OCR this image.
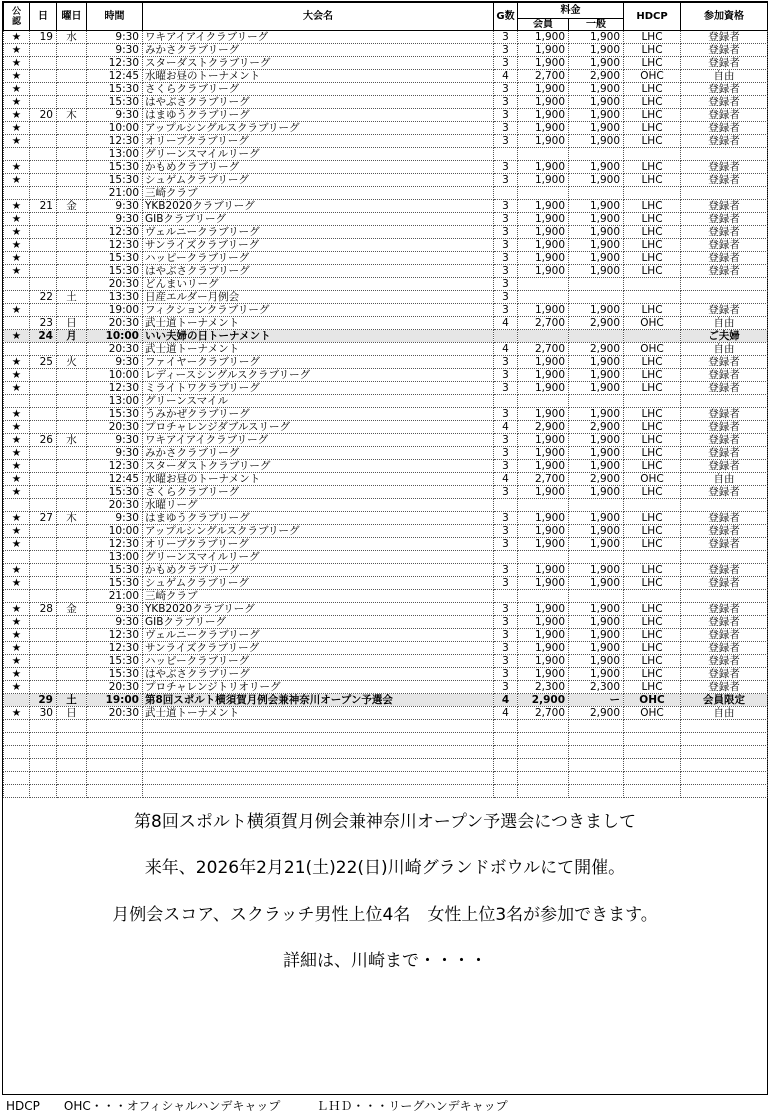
公
認	日	曜日	時間	大会名	G数	料金		HDCP	参加資格
						会員	一般		
★	19	水	9:30	ワキアイアイクラブリーグ	3	1,900	1,900	LHC	登録者
★			9:30	みかさクラブリーグ	3	1,900	1,900	LHC	登録者
★			12:30	スターダストクラブリーグ	3	1,900	1,900	LHC	登録者
★			12:45	水曜お昼のトーナメント	4	2,700	2,900	OHC	自由
★			15:30	さくらクラブリーグ	3	1,900	1,900	LHC	登録者
★			15:30	はやぶさクラブリーグ	3	1,900	1,900	LHC	登録者
★	20	木	9:30	はまゆうクラブリーグ	3	1,900	1,900	LHC	登録者
★			10:00	アップルシングルスクラブリーグ	3	1,900	1,900	LHC	登録者
★			12:30	オリーブクラブリーグ	3	1,900	1,900	LHC	登録者
			13:00	グリーンスマイルリーグ					
★			15:30	かもめクラブリーグ	3	1,900	1,900	LHC	登録者
★			15:30	シュゲムクラブリーグ	3	1,900	1,900	LHC	登録者
			21:00	三崎クラブ					
★	21	金	9:30	YKB2020クラブリーグ	3	1,900	1,900	LHC	登録者
★			9:30	GIBクラブリーグ	3	1,900	1,900	LHC	登録者
★			12:30	ヴェルニークラブリーグ	3	1,900	1,900	LHC	登録者
★			12:30	サンライズクラブリーグ	3	1,900	1,900	LHC	登録者
★			15:30	ハッピークラブリーグ	3	1,900	1,900	LHC	登録者
★			15:30	はやぶさクラブリーグ	3	1,900	1,900	LHC	登録者
			20:30	どんまいリーグ	3				
	22	土	13:30	日産エルダー月例会	3				
★			19:00	フィクションクラブリーグ	3	1,900	1,900	LHC	登録者
	23	日	20:30	武士道トーナメント	4	2,700	2,900	OHC	自由
★	24	月	10:00	いい夫婦の日トーナメント					ご夫婦
			20:30	武士道トーナメント	4	2,700	2,900	OHC	自由
★	25	火	9:30	ファイヤークラブリーグ	3	1,900	1,900	LHC	登録者
★			10:00	レディースシングルスクラブリーグ	3	1,900	1,900	LHC	登録者
★			12:30	ミライトワクラブリーグ	3	1,900	1,900	LHC	登録者
			13:00	グリーンスマイル					
★			15:30	うみかぜクラブリーグ	3	1,900	1,900	LHC	登録者
★			20:30	プロチャレンジダブルスリーグ	4	2,900	2,900	LHC	登録者
★	26	水	9:30	ワキアイアイクラブリーグ	3	1,900	1,900	LHC	登録者
★			9:30	みかさクラブリーグ	3	1,900	1,900	LHC	登録者
★			12:30	スターダストクラブリーグ	3	1,900	1,900	LHC	登録者
★			12:45	水曜お昼のトーナメント	4	2,700	2,900	OHC	自由
★			15:30	さくらクラブリーグ	3	1,900	1,900	LHC	登録者
			20:30	水曜リーグ					
★	27	木	9:30	はまゆうクラブリーグ	3	1,900	1,900	LHC	登録者
★			10:00	アップルシングルスクラブリーグ	3	1,900	1,900	LHC	登録者
★			12:30	オリーブクラブリーグ	3	1,900	1,900	LHC	登録者
			13:00	グリーンスマイルリーグ					
★			15:30	かもめクラブリーグ	3	1,900	1,900	LHC	登録者
★			15:30	シュゲムクラブリーグ	3	1,900	1,900	LHC	登録者
			21:00	三崎クラブ					
★	28	金	9:30	YKB2020クラブリーグ	3	1,900	1,900	LHC	登録者
★			9:30	GIBクラブリーグ	3	1,900	1,900	LHC	登録者
★			12:30	ヴェルニークラブリーグ	3	1,900	1,900	LHC	登録者
★			12:30	サンライズクラブリーグ	3	1,900	1,900	LHC	登録者
★			15:30	ハッピークラブリーグ	3	1,900	1,900	LHC	登録者
★			15:30	はやぶさクラブリーグ	3	1,900	1,900	LHC	登録者
★			20:30	プロチャレンジトリオリーグ	3	2,300	2,300	LHC	登録者
	29	土	19:00	第8回スポルト横須賀月例会兼神奈川オープン予選会	4	2,900	ー	OHC	会員限定
★	30	日	20:30	武士道トーナメント	4	2,700	2,900	OHC	自由

第8回スポルト横須賀月例会兼神奈川オープン予選会につきまして
来年、2026年2月21(土)22(日)川崎グランドボウルにて開催。
月例会スコア、スクラッチ男性上位4名　女性上位3名が参加できます。
詳細は、川崎まで・・・・
HDCP　　OHC・・・オフィシャルハンデキャップ　　　ＬＨＤ・・・リーグハンデキャップ
